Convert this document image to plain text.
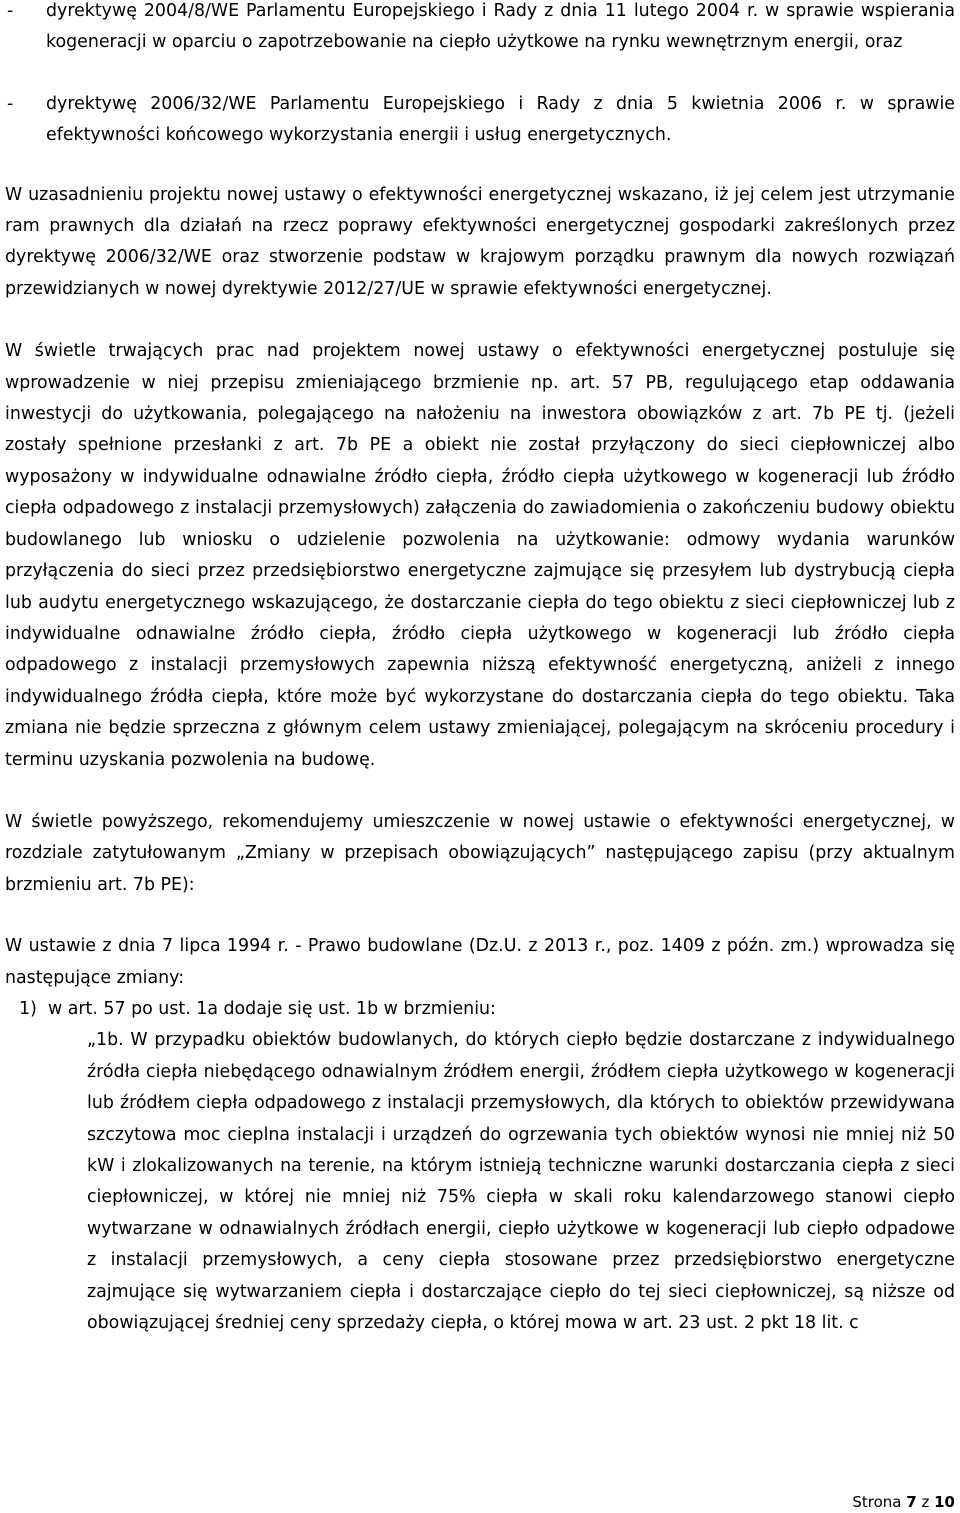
- dyrektywę 2004/8/WE Parlamentu Europejskiego i Rady z dnia 11 lutego 2004 r. w sprawie wspierania kogeneracji w oparciu o zapotrzebowanie na ciepło użytkowe na rynku wewnętrznym energii, oraz
- dyrektywę 2006/32/WE Parlamentu Europejskiego i Rady z dnia 5 kwietnia 2006 r. w sprawie efektywności końcowego wykorzystania energii i usług energetycznych.

W uzasadnieniu projektu nowej ustawy o efektywności energetycznej wskazano, iż jej celem jest utrzymanie ram prawnych dla działań na rzecz poprawy efektywności energetycznej gospodarki zakreślonych przez dyrektywę 2006/32/WE oraz stworzenie podstaw w krajowym porządku prawnym dla nowych rozwiązań przewidzianych w nowej dyrektywie 2012/27/UE w sprawie efektywności energetycznej.

W świetle trwających prac nad projektem nowej ustawy o efektywności energetycznej postuluje się wprowadzenie w niej przepisu zmieniającego brzmienie np. art. 57 PB, regulującego etap oddawania inwestycji do użytkowania, polegającego na nałożeniu na inwestora obowiązków z art. 7b PE tj. (jeżeli zostały spełnione przesłanki z art. 7b PE a obiekt nie został przyłączony do sieci ciepłowniczej albo wyposażony w indywidualne odnawialne źródło ciepła, źródło ciepła użytkowego w kogeneracji lub źródło ciepła odpadowego z instalacji przemysłowych) załączenia do zawiadomienia o zakończeniu budowy obiektu budowlanego lub wniosku o udzielenie pozwolenia na użytkowanie: odmowy wydania warunków przyłączenia do sieci przez przedsiębiorstwo energetyczne zajmujące się przesyłem lub dystrybucją ciepła lub audytu energetycznego wskazującego, że dostarczanie ciepła do tego obiektu z sieci ciepłowniczej lub z indywidualne odnawialne źródło ciepła, źródło ciepła użytkowego w kogeneracji lub źródło ciepła odpadowego z instalacji przemysłowych zapewnia niższą efektywność energetyczną, aniżeli z innego indywidualnego źródła ciepła, które może być wykorzystane do dostarczania ciepła do tego obiektu. Taka zmiana nie będzie sprzeczna z głównym celem ustawy zmieniającej, polegającym na skróceniu procedury i terminu uzyskania pozwolenia na budowę.

W świetle powyższego, rekomendujemy umieszczenie w nowej ustawie o efektywności energetycznej, w rozdziale zatytułowanym „Zmiany w przepisach obowiązujących” następującego zapisu (przy aktualnym brzmieniu art. 7b PE):

W ustawie z dnia 7 lipca 1994 r. - Prawo budowlane (Dz.U. z 2013 r., poz. 1409 z późn. zm.) wprowadza się następujące zmiany:

1) w art. 57 po ust. 1a dodaje się ust. 1b w brzmieniu:
„1b. W przypadku obiektów budowlanych, do których ciepło będzie dostarczane z indywidualnego źródła ciepła niebędącego odnawialnym źródłem energii, źródłem ciepła użytkowego w kogeneracji lub źródłem ciepła odpadowego z instalacji przemysłowych, dla których to obiektów przewidywana szczytowa moc cieplna instalacji i urządzeń do ogrzewania tych obiektów wynosi nie mniej niż 50 kW i zlokalizowanych na terenie, na którym istnieją techniczne warunki dostarczania ciepła z sieci ciepłowniczej, w której nie mniej niż 75% ciepła w skali roku kalendarzowego stanowi ciepło wytwarzane w odnawialnych źródłach energii, ciepło użytkowe w kogeneracji lub ciepło odpadowe z instalacji przemysłowych, a ceny ciepła stosowane przez przedsiębiorstwo energetyczne zajmujące się wytwarzaniem ciepła i dostarczające ciepło do tej sieci ciepłowniczej, są niższe od obowiązującej średniej ceny sprzedaży ciepła, o której mowa w art. 23 ust. 2 pkt 18 lit. c
Strona 7 z 10
